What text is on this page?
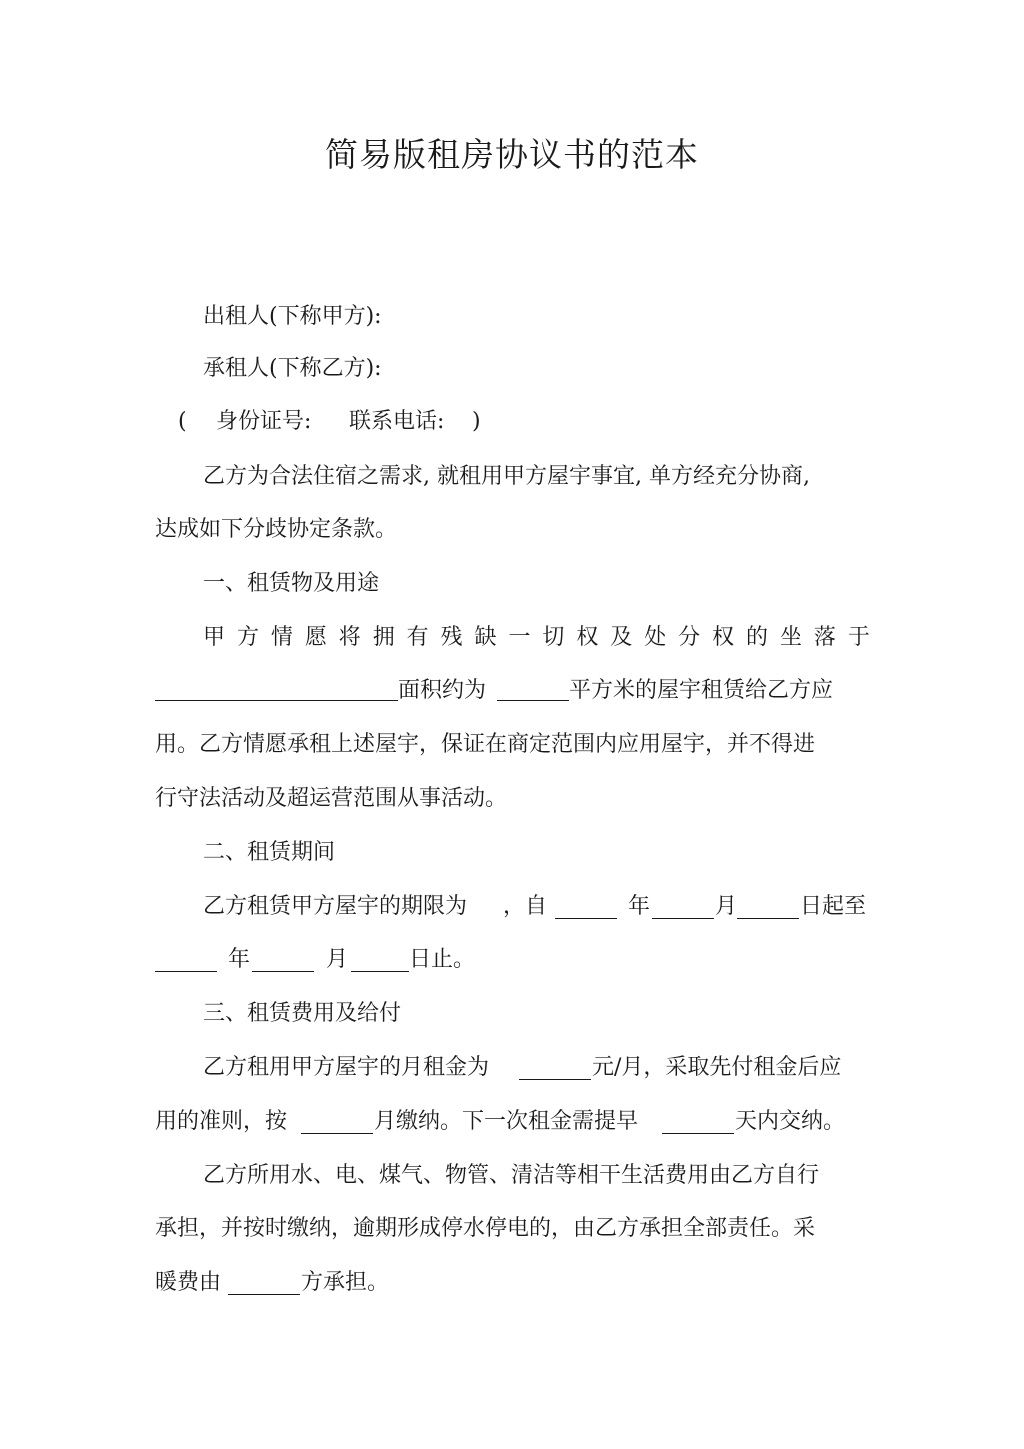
简易版租房协议书的范本
出租人(下称甲方):
承租人(下称乙方):
( 身份证号: 联系电话: )
乙方为合法住宿之需求, 就租用甲方屋宇事宜, 单方经充分协商,
达成如下分歧协定条款。
一、租赁物及用途
甲 方 情 愿 将 拥 有 残 缺 一 切 权 及 处 分 权 的 坐 落 于
面积约为	平方米的屋宇租赁给乙方应
用。乙方情愿承租上述屋宇，保证在商定范围内应用屋宇，并不得进
行守法活动及超运营范围从事活动。
二、租赁期间
乙方租赁甲方屋宇的期限为 ，自	年	月	日起至
年	月	日止。
三、租赁费用及给付
乙方租用甲方屋宇的月租金为	元/月，采取先付租金后应
用的准则，按	月缴纳。下一次租金需提早	天内交纳。
乙方所用水、电、煤气、物管、清洁等相干生活费用由乙方自行
承担，并按时缴纳，逾期形成停水停电的，由乙方承担全部责任。采
暖费由	方承担。
